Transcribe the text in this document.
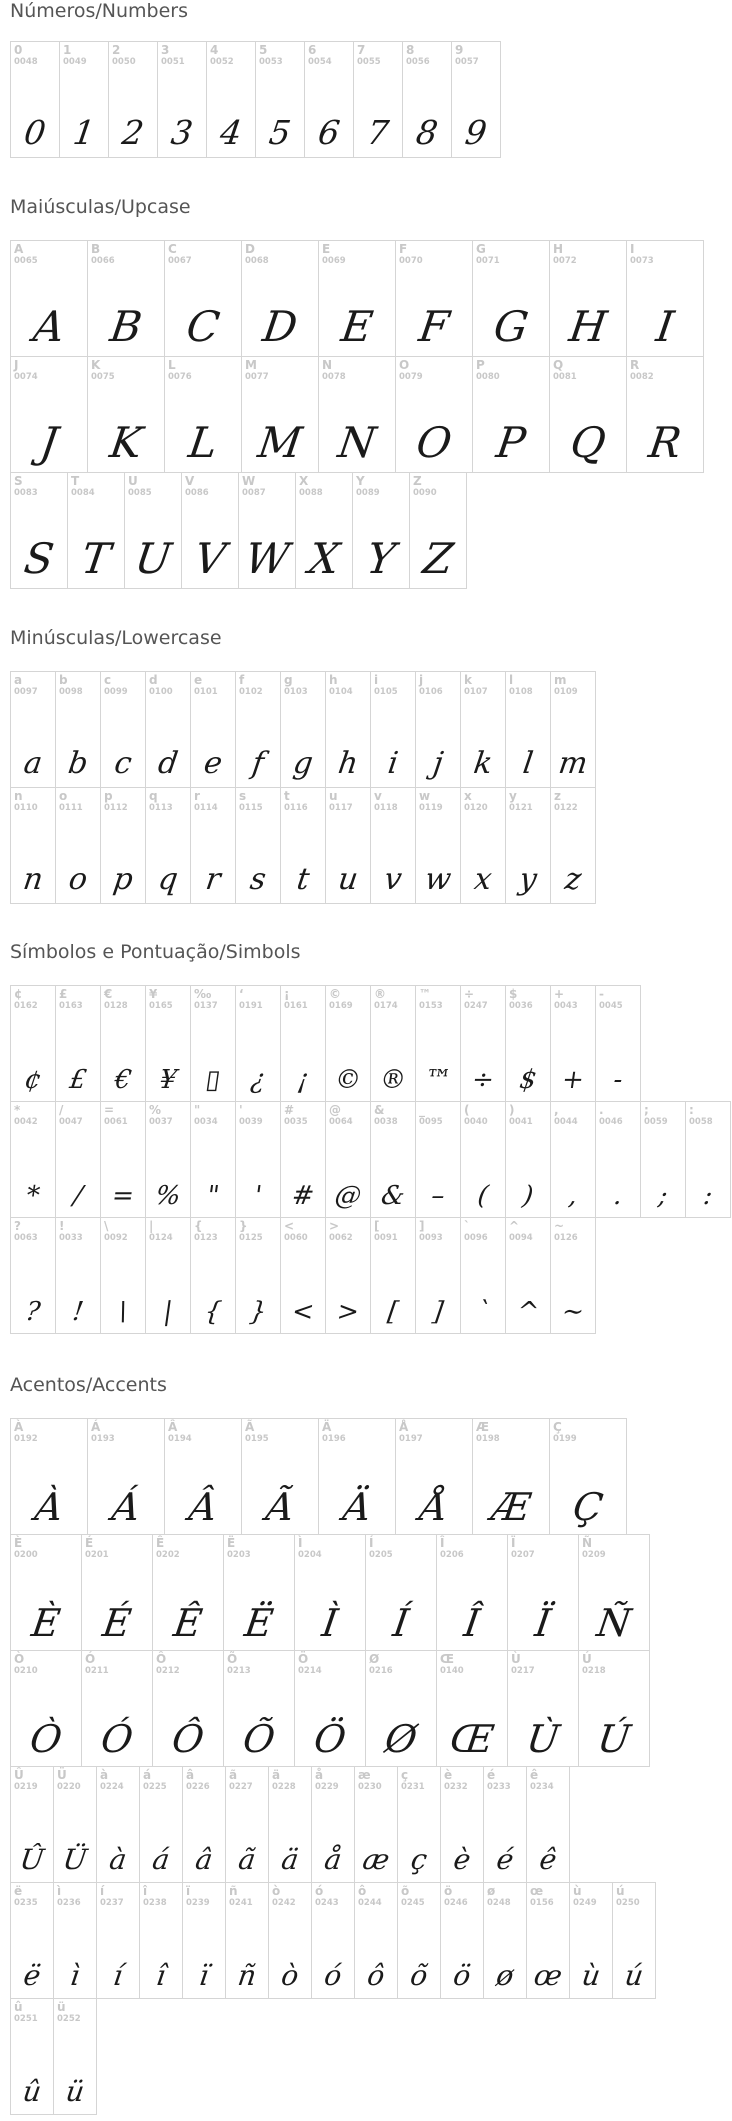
Números/Numbers
0
0048
0
1
0049
1
2
0050
2
3
0051
3
4
0052
4
5
0053
5
6
0054
6
7
0055
7
8
0056
8
9
0057
9
Maiúsculas/Upcase
A
0065
A
B
0066
B
C
0067
C
D
0068
D
E
0069
E
F
0070
F
G
0071
G
H
0072
H
I
0073
I
J
0074
J
K
0075
K
L
0076
L
M
0077
M
N
0078
N
O
0079
O
P
0080
P
Q
0081
Q
R
0082
R
S
0083
S
T
0084
T
U
0085
U
V
0086
V
W
0087
W
X
0088
X
Y
0089
Y
Z
0090
Z
Minúsculas/Lowercase
a
0097
a
b
0098
b
c
0099
c
d
0100
d
e
0101
e
f
0102
f
g
0103
g
h
0104
h
i
0105
i
j
0106
j
k
0107
k
l
0108
l
m
0109
m
n
0110
n
o
0111
o
p
0112
p
q
0113
q
r
0114
r
s
0115
s
t
0116
t
u
0117
u
v
0118
v
w
0119
w
x
0120
x
y
0121
y
z
0122
z
Símbolos e Pontuação/Simbols
¢
0162
¢
£
0163
£
€
0128
€
¥
0165
¥
‰
0137
▯
‘
0191
¿
¡
0161
¡
©
0169
©
®
0174
®
™
0153
™
÷
0247
÷
$
0036
$
+
0043
+
-
0045
-
*
0042
*
/
0047
/
=
0061
=
%
0037
%
"
0034
"
'
0039
'
#
0035
#
@
0064
@
&
0038
&
_
0095
–
(
0040
(
)
0041
)
,
0044
,
.
0046
.
;
0059
;
:
0058
:
?
0063
?
!
0033
!
\
0092
\
|
0124
|
{
0123
{
}
0125
}
<
0060
<
>
0062
>
[
0091
[
]
0093
]
`
0096
`
^
0094
^
~
0126
~
Acentos/Accents
À
0192
À
Á
0193
Á
Â
0194
Â
Ã
0195
Ã
Ä
0196
Ä
Å
0197
Å
Æ
0198
Æ
Ç
0199
Ç
È
0200
È
É
0201
É
Ê
0202
Ê
Ë
0203
Ë
Ì
0204
Ì
Í
0205
Í
Î
0206
Î
Ï
0207
Ï
Ñ
0209
Ñ
Ò
0210
Ò
Ó
0211
Ó
Ô
0212
Ô
Õ
0213
Õ
Ö
0214
Ö
Ø
0216
Ø
Œ
0140
Œ
Ù
0217
Ù
Ú
0218
Ú
Û
0219
Û
Ü
0220
Ü
à
0224
à
á
0225
á
â
0226
â
ã
0227
ã
ä
0228
ä
å
0229
å
æ
0230
æ
ç
0231
ç
è
0232
è
é
0233
é
ê
0234
ê
ë
0235
ë
ì
0236
ì
í
0237
í
î
0238
î
ï
0239
ï
ñ
0241
ñ
ò
0242
ò
ó
0243
ó
ô
0244
ô
õ
0245
õ
ö
0246
ö
ø
0248
ø
œ
0156
œ
ù
0249
ù
ú
0250
ú
û
0251
û
ü
0252
ü
